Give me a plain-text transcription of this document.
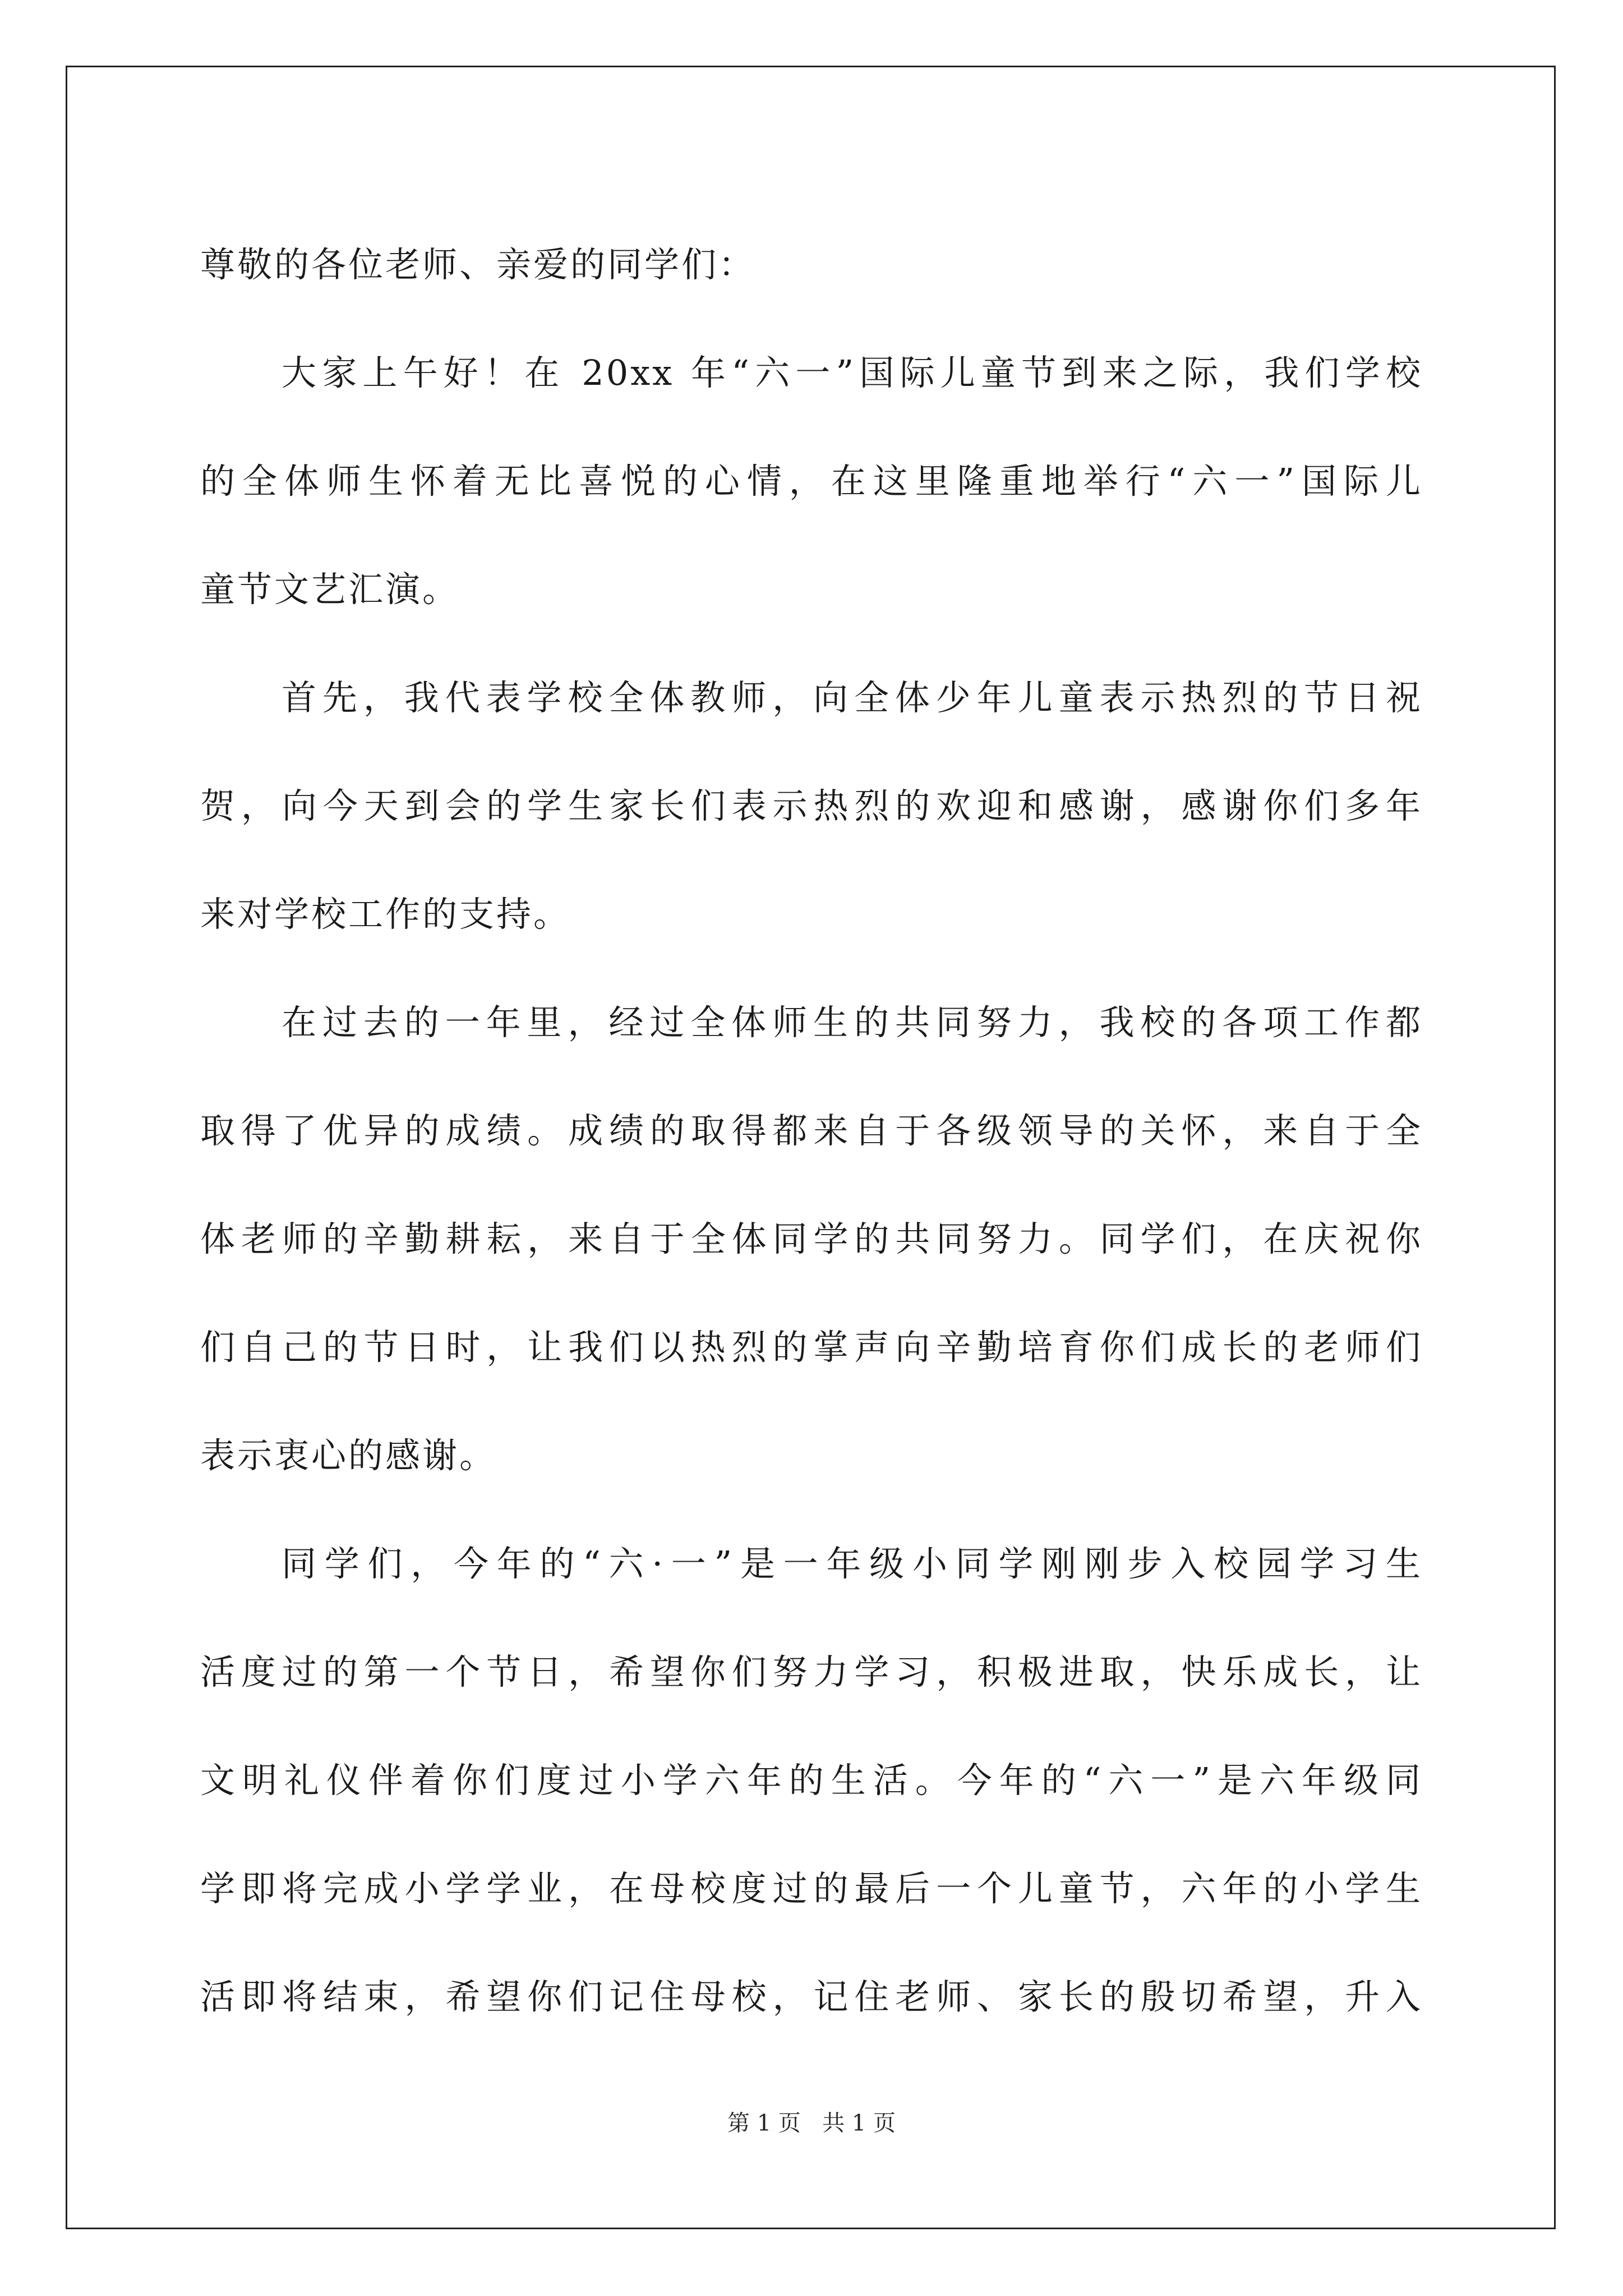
尊敬的各位老师、亲爱的同学们：
大家上午好！在 20xx 年“六一”国际儿童节到来之际，我们学校
的全体师生怀着无比喜悦的心情，在这里隆重地举行“六一”国际儿
童节文艺汇演。
首先，我代表学校全体教师，向全体少年儿童表示热烈的节日祝
贺，向今天到会的学生家长们表示热烈的欢迎和感谢，感谢你们多年
来对学校工作的支持。
在过去的一年里，经过全体师生的共同努力，我校的各项工作都
取得了优异的成绩。成绩的取得都来自于各级领导的关怀，来自于全
体老师的辛勤耕耘，来自于全体同学的共同努力。同学们，在庆祝你
们自己的节日时，让我们以热烈的掌声向辛勤培育你们成长的老师们
表示衷心的感谢。
同学们，今年的“六·一”是一年级小同学刚刚步入校园学习生
活度过的第一个节日，希望你们努力学习，积极进取，快乐成长，让
文明礼仪伴着你们度过小学六年的生活。今年的“六一”是六年级同
学即将完成小学学业，在母校度过的最后一个儿童节，六年的小学生
活即将结束，希望你们记住母校，记住老师、家长的殷切希望，升入
第 1 页   共 1 页
